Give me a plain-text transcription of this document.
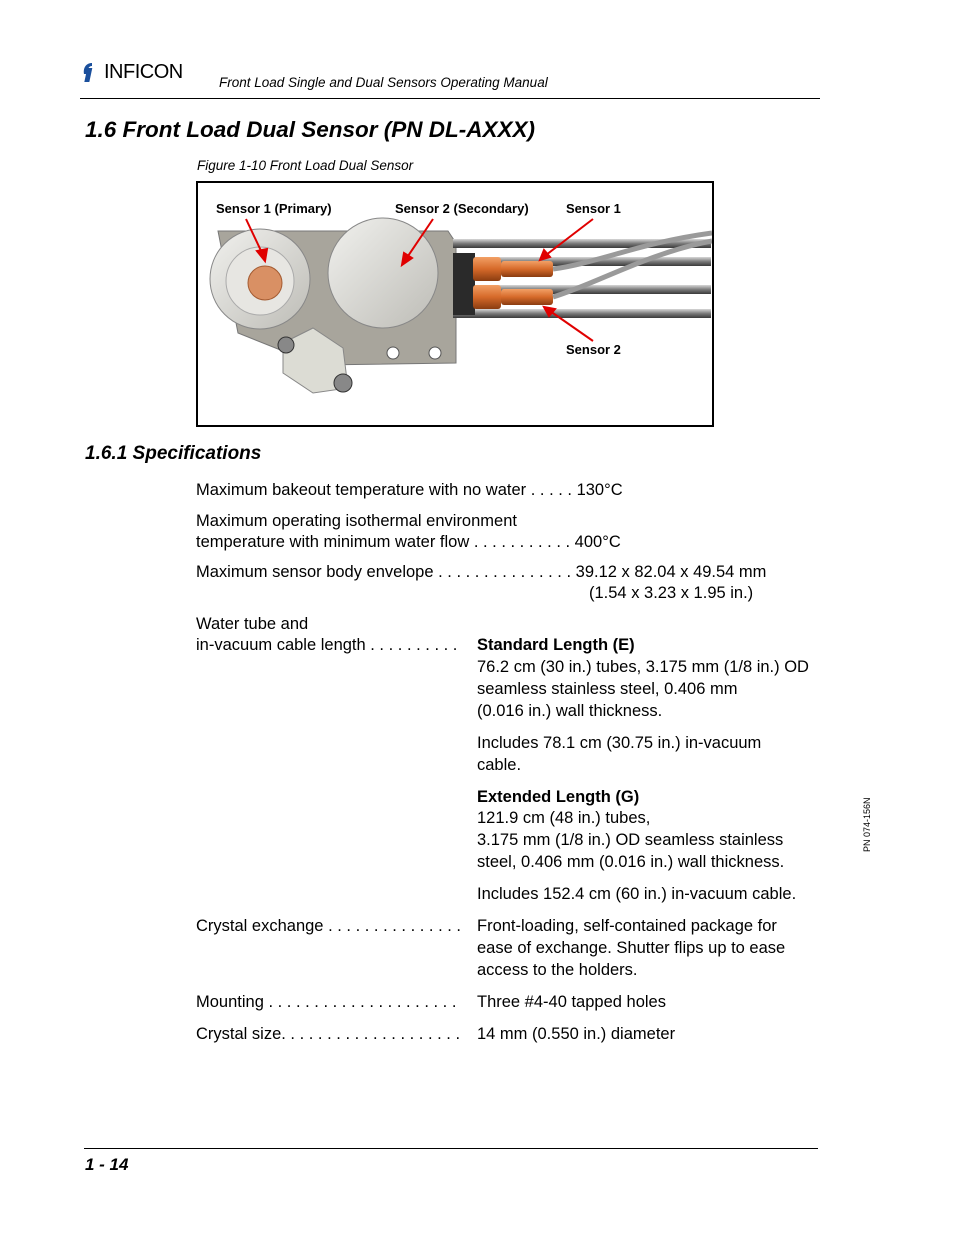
INFICON	Front Load Single and Dual Sensors Operating Manual
1.6 Front Load Dual Sensor (PN DL-AXXX)
Figure 1-10 Front Load Dual Sensor
Sensor 1 (Primary)	Sensor 2 (Secondary)	Sensor 1
Sensor 2
1.6.1 Specifications
Maximum bakeout temperature with no water . . . . . 130°C
Maximum operating isothermal environment
temperature with minimum water flow . . . . . . . . . . . 400°C
Maximum sensor body envelope . . . . . . . . . . . . . . . 39.12 x 82.04 x 49.54 mm
(1.54 x 3.23 x 1.95 in.)
Water tube and
in-vacuum cable length . . . . . . . . . . Standard Length (E)
76.2 cm (30 in.) tubes, 3.175 mm (1/8 in.) OD
seamless stainless steel, 0.406 mm
(0.016 in.) wall thickness.
Includes 78.1 cm (30.75 in.) in-vacuum
cable.
Extended Length (G)
121.9 cm (48 in.) tubes,
3.175 mm (1/8 in.) OD seamless stainless
steel, 0.406 mm (0.016 in.) wall thickness.
Includes 152.4 cm (60 in.) in-vacuum cable.
Crystal exchange . . . . . . . . . . . . . . . Front-loading, self-contained package for
ease of exchange. Shutter flips up to ease
access to the holders.
Mounting . . . . . . . . . . . . . . . . . . . . . Three #4-40 tapped holes
Crystal size. . . . . . . . . . . . . . . . . . . . 14 mm (0.550 in.) diameter
PN 074-156N
1 - 14
